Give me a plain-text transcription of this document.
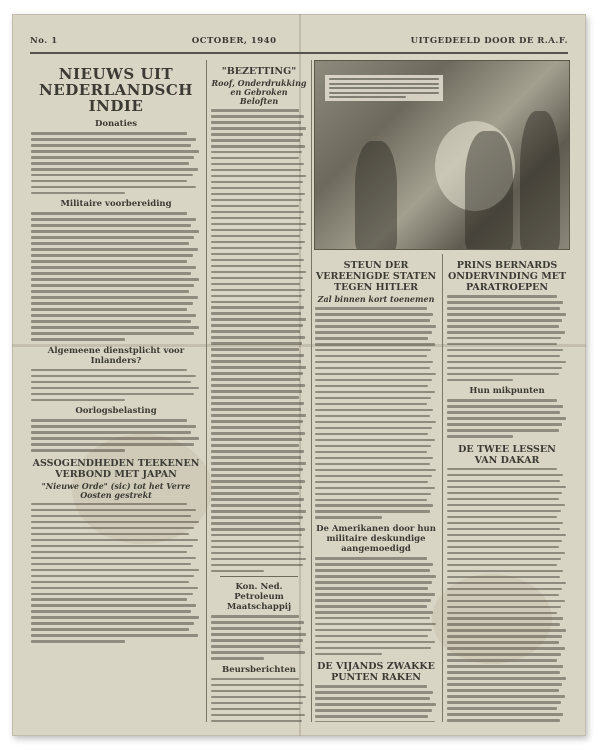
No. 1	OCTOBER, 1940	UITGEDEELD DOOR DE R.A.F.
NIEUWS UIT NEDERLANDSCH INDIE
Donaties
Militaire voorbereiding
Algemeene dienstplicht voor Inlanders?
Oorlogsbelasting
ASSOGENDHEDEN TEEKENEN VERBOND MET JAPAN
"Nieuwe Orde" (sic) tot het Verre Oosten gestrekt
"BEZETTING"
Roof, Onderdrukking en Gebroken Beloften
Kon. Ned. Petroleum Maatschappij
Beursberichten
STEUN DER VEREENIGDE STATEN TEGEN HITLER
Zal binnen kort toenemen
De Amerikanen door hun militaire deskundige aangemoedigd
DE VIJANDS ZWAKKE PUNTEN RAKEN
PRINS BERNARDS ONDERVINDING MET PARATROEPEN
Hun mikpunten
DE TWEE LESSEN VAN DAKAR
